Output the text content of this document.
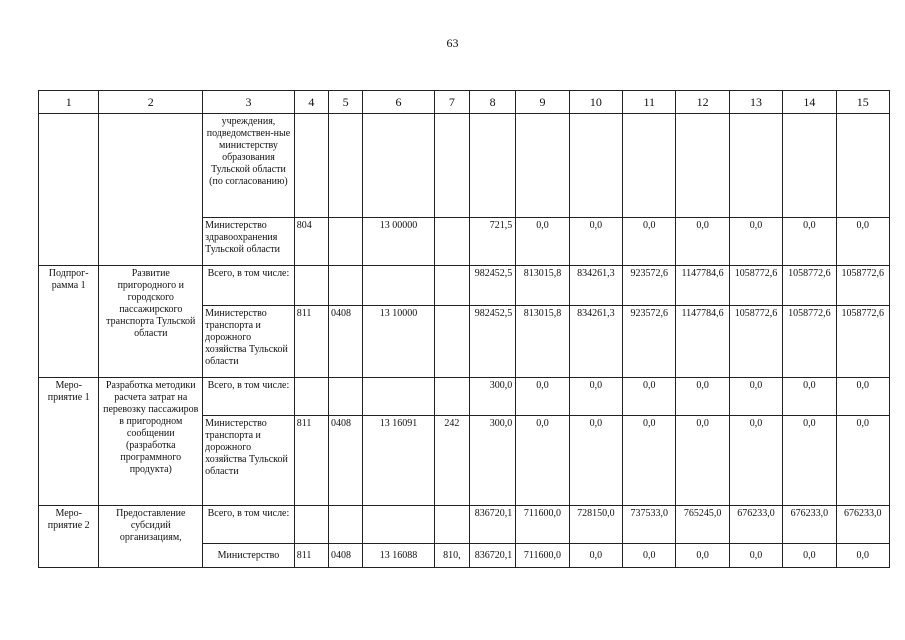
63
1	2	3	4	5	6	7	8	9	10	11	12	13	14	15
		учреждения, подведомствен-ные министерству образования Тульской области (по согласованию)												
		Министерство здравоохранения Тульской области	804		13 00000		721,5	0,0	0,0	0,0	0,0	0,0	0,0	0,0
Подпрог-рамма 1	Развитие пригородного и городского пассажирского транспорта Тульской области	Всего, в том числе:					982452,5	813015,8	834261,3	923572,6	1147784,6	1058772,6	1058772,6	1058772,6
		Министерство транспорта и дорожного хозяйства Тульской области	811	0408	13 10000		982452,5	813015,8	834261,3	923572,6	1147784,6	1058772,6	1058772,6	1058772,6
Меро-приятие 1	Разработка методики расчета затрат на перевозку пассажиров в пригородном сообщении (разработка программного продукта)	Всего, в том числе:					300,0	0,0	0,0	0,0	0,0	0,0	0,0	0,0
		Министерство транспорта и дорожного хозяйства Тульской области	811	0408	13 16091	242	300,0	0,0	0,0	0,0	0,0	0,0	0,0	0,0
Меро-приятие 2	Предоставление субсидий организациям,	Всего, в том числе:					836720,1	711600,0	728150,0	737533,0	765245,0	676233,0	676233,0	676233,0
		Министерство	811	0408	13 16088	810,	836720,1	711600,0	0,0	0,0	0,0	0,0	0,0	0,0
